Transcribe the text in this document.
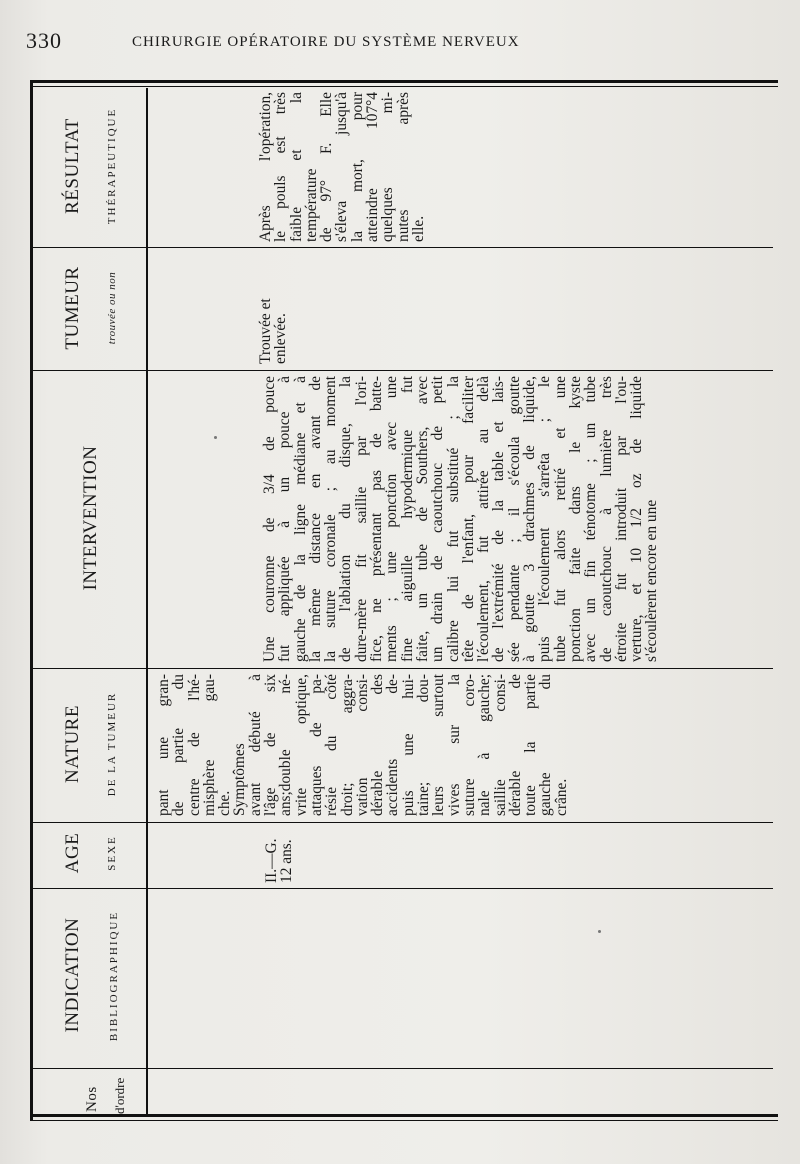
330	CHIRURGIE OPÉRATOIRE DU SYSTÈME NERVEUX
Nos d'ordre
INDICATION BIBLIOGRAPHIQUE
AGE SEXE
NATURE DE LA TUMEUR
INTERVENTION
TUMEUR trouvée ou non
RÉSULTAT THÉRAPEUTIQUE
II.—G.
12 ans.
pant une gran-
de partie du
centre de l'hé-
misphère gau-
che.
Symptômes
avant débuté à
l'âge de six
ans;double né-
vrite optique,
attaques de pa-
résie du côté
droit; aggra-
vation consi-
dérable des
accidents de-
puis une hui-
taine; dou-
leurs surtout
vives sur la
suture coro-
nale à gauche;
saillie consi-
dérable de
toute la partie
gauche du
crâne.
Une couronne de 3/4 de pouce
fut appliquée à un pouce à
gauche de la ligne médiane et à
la même distance en avant de
la suture coronale ; au moment
de l'ablation du disque, la
dure-mère fit saillie par l'ori-
fice, ne présentant pas de batte-
ments ; une ponction avec une
fine aiguille hypodermique fut
faite, un tube de Southers, avec
un drain de caoutchouc de petit
calibre lui fut substitué ; la
tête de l'enfant, pour faciliter
l'écoulement, fut attirée au delà
de l'extrémité de la table et lais-
sée pendante ; il s'écoula goutte
à goutte 3 drachmes de liquide,
puis l'écoulement s'arrêta ; le
tube fut alors retiré et une
ponction faite dans le kyste
avec un fin ténotome ; un tube
de caoutchouc à lumière très
étroite fut introduit par l'ou-
verture, et 10 1/2 oz de liquide
s'écoulèrent encore en une
Trouvée et
enlevée.
Après l'opération,
le pouls est très
faible et la
température
de 97° F. Elle
s'éleva jusqu'à
la mort, pour
atteindre 107°4
quelques mi-
nutes après
elle.
